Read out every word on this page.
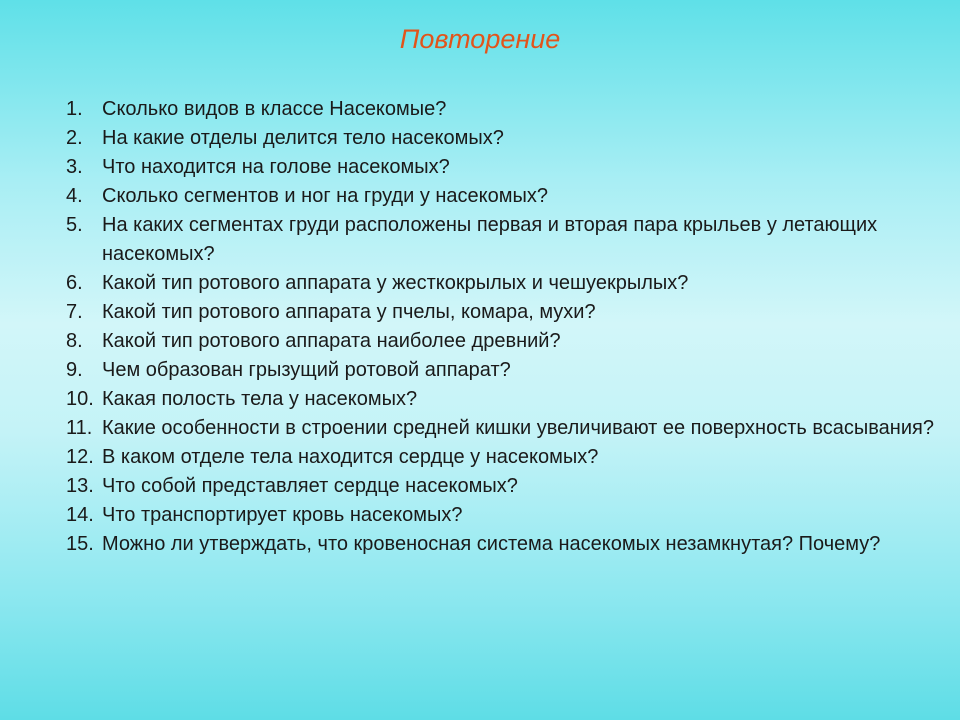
Повторение
1. Сколько видов в классе Насекомые?
2. На какие отделы делится тело насекомых?
3. Что находится на голове насекомых?
4. Сколько сегментов и ног на груди у насекомых?
5. На каких сегментах груди расположены первая и вторая пара крыльев у летающих насекомых?
6. Какой тип ротового аппарата у жесткокрылых и чешуекрылых?
7. Какой тип ротового аппарата у пчелы, комара, мухи?
8. Какой тип ротового аппарата наиболее древний?
9. Чем образован грызущий ротовой аппарат?
10. Какая полость тела у насекомых?
11. Какие особенности в строении средней кишки увеличивают ее поверхность всасывания?
12. В каком отделе тела находится сердце у насекомых?
13. Что собой представляет сердце насекомых?
14. Что транспортирует кровь насекомых?
15. Можно ли утверждать, что кровеносная система насекомых незамкнутая? Почему?
